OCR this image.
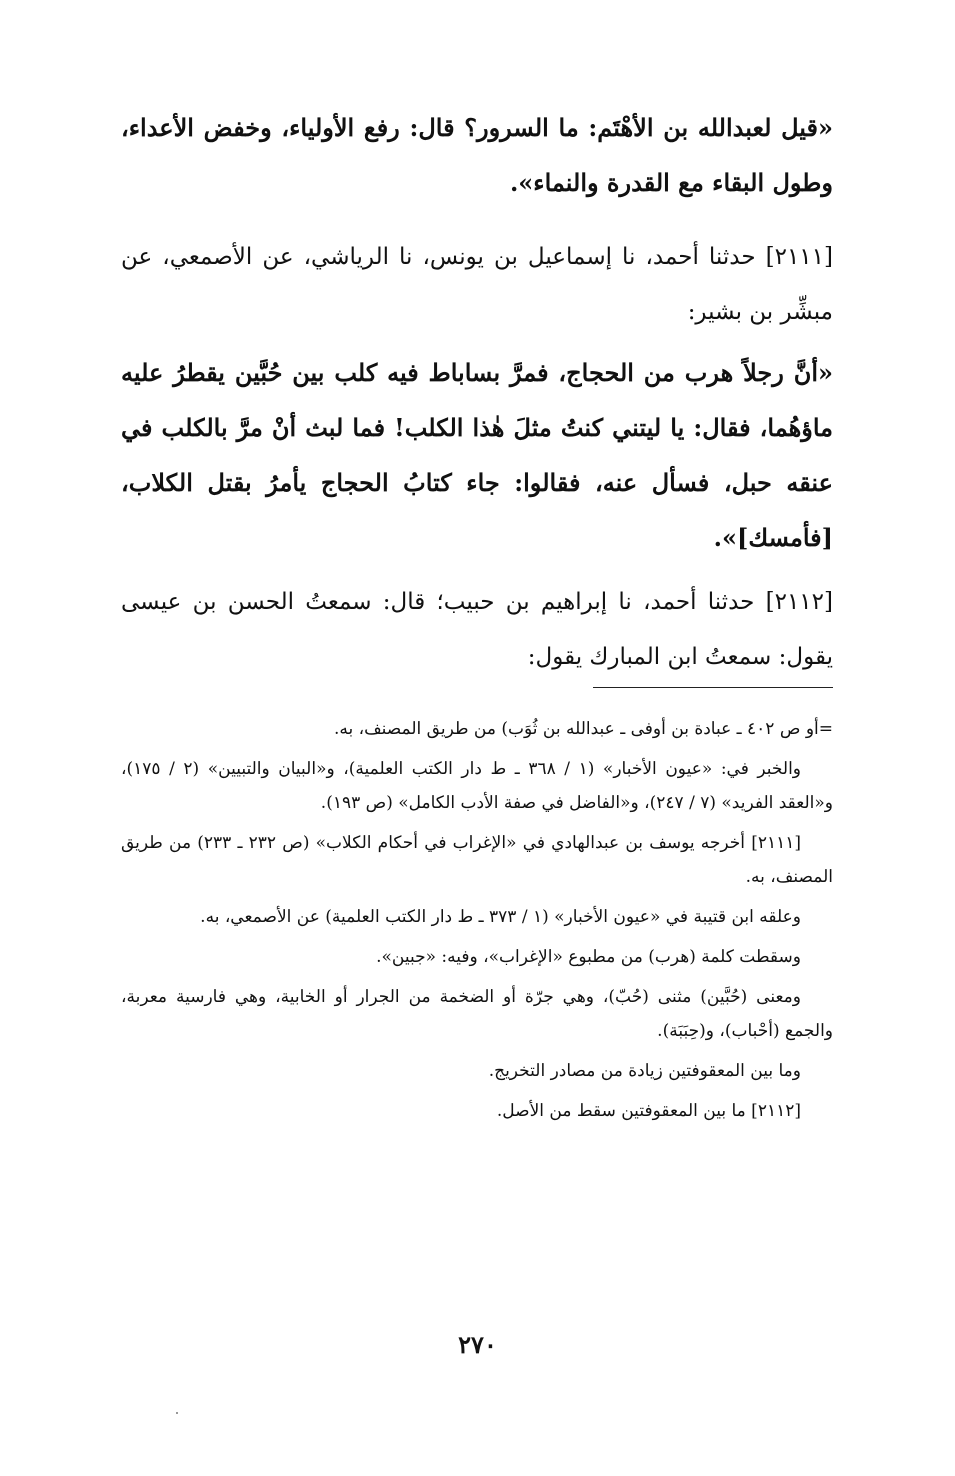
«قيل لعبدالله بن الأهْتَم: ما السرور؟ قال: رفع الأولياء، وخفض الأعداء، وطول البقاء مع القدرة والنماء».

[٢١١١] حدثنا أحمد، نا إسماعيل بن يونس، نا الرياشي، عن الأصمعي، عن مبشِّر بن بشير:

«أنَّ رجلاً هرب من الحجاج، فمرَّ بساباط فيه كلب بين حُبَّين يقطرُ عليه ماؤهُما، فقال: يا ليتني كنتُ مثلَ هٰذا الكلب! فما لبث أنْ مرَّ بالكلب في عنقه حبل، فسأل عنه، فقالوا: جاء كتابُ الحجاج يأمرُ بقتل الكلاب، [فأمسك]».

[٢١١٢] حدثنا أحمد، نا إبراهيم بن حبيب؛ قال: سمعتُ الحسن بن عيسى يقول: سمعتُ ابن المبارك يقول:

=أو ص ٤٠٢ ـ عبادة بن أوفى ـ عبدالله بن ثُوَب) من طريق المصنف، به.

والخبر في: «عيون الأخبار» (١ / ٣٦٨ ـ ط دار الكتب العلمية)، و«البيان والتبيين» (٢ / ١٧٥)، و«العقد الفريد» (٧ / ٢٤٧)، و«الفاضل في صفة الأدب الكامل» (ص ١٩٣).

[٢١١١] أخرجه يوسف بن عبدالهادي في «الإغراب في أحكام الكلاب» (ص ٢٣٢ ـ ٢٣٣) من طريق المصنف، به.

وعلقه ابن قتيبة في «عيون الأخبار» (١ / ٣٧٣ ـ ط دار الكتب العلمية) عن الأصمعي، به.

وسقطت كلمة (هرب) من مطبوع «الإغراب»، وفيه: «جبين».

ومعنى (حُبَّين) مثنى (حُبّ)، وهي جرّة أو الضخمة من الجرار أو الخابية، وهي فارسية معربة، والجمع (أحْباب)، و(حِبَبَة).

وما بين المعقوفتين زيادة من مصادر التخريج.

[٢١١٢] ما بين المعقوفتين سقط من الأصل.

٢٧٠
